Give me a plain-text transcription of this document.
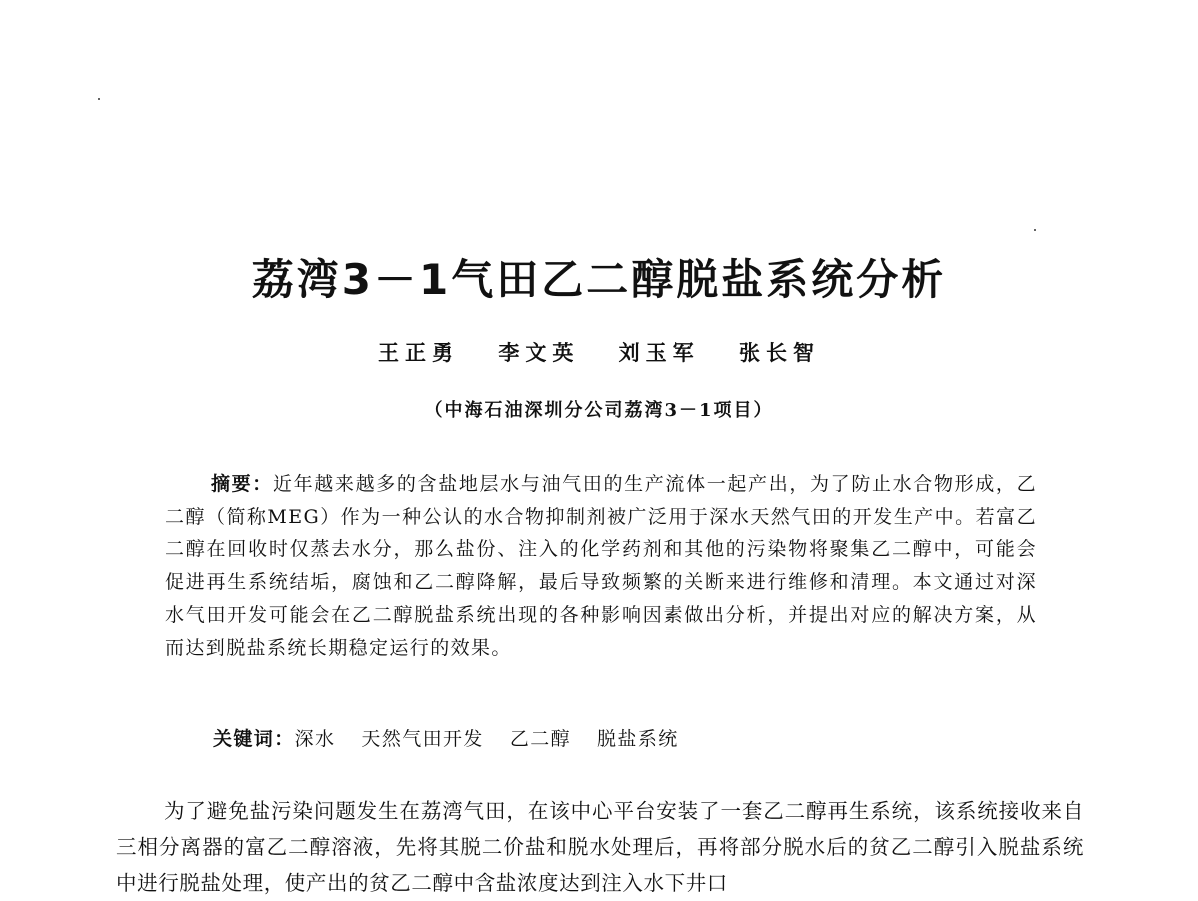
荔湾3－1气田乙二醇脱盐系统分析
王正勇 李文英 刘玉军 张长智
（中海石油深圳分公司荔湾3－1项目）

摘要：近年越来越多的含盐地层水与油气田的生产流体一起产出，为了防止水合物形成，乙二醇（简称MEG）作为一种公认的水合物抑制剂被广泛用于深水天然气田的开发生产中。若富乙二醇在回收时仅蒸去水分，那么盐份、注入的化学药剂和其他的污染物将聚集乙二醇中，可能会促进再生系统结垢，腐蚀和乙二醇降解，最后导致频繁的关断来进行维修和清理。本文通过对深水气田开发可能会在乙二醇脱盐系统出现的各种影响因素做出分析，并提出对应的解决方案，从而达到脱盐系统长期稳定运行的效果。

关键词：深水 天然气田开发 乙二醇 脱盐系统

为了避免盐污染问题发生在荔湾气田，在该中心平台安装了一套乙二醇再生系统，该系统接收来自三相分离器的富乙二醇溶液，先将其脱二价盐和脱水处理后，再将部分脱水后的贫乙二醇引入脱盐系统中进行脱盐处理，使产出的贫乙二醇中含盐浓度达到注入水下井口
